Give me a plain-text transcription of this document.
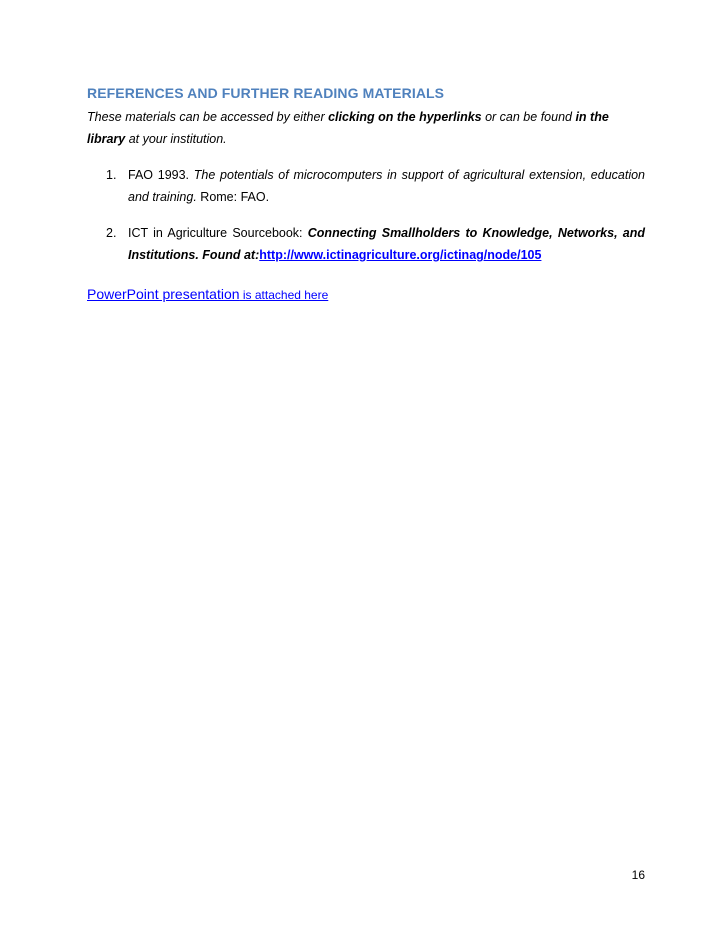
REFERENCES AND FURTHER READING MATERIALS
These materials can be accessed by either clicking on the hyperlinks or can be found in the
library at your institution.
1. FAO 1993. The potentials of microcomputers in support of agricultural extension, education and training. Rome: FAO.
2. ICT in Agriculture Sourcebook: Connecting Smallholders to Knowledge, Networks, and Institutions. Found at:http://www.ictinagriculture.org/ictinag/node/105
PowerPoint presentation is attached here
16
